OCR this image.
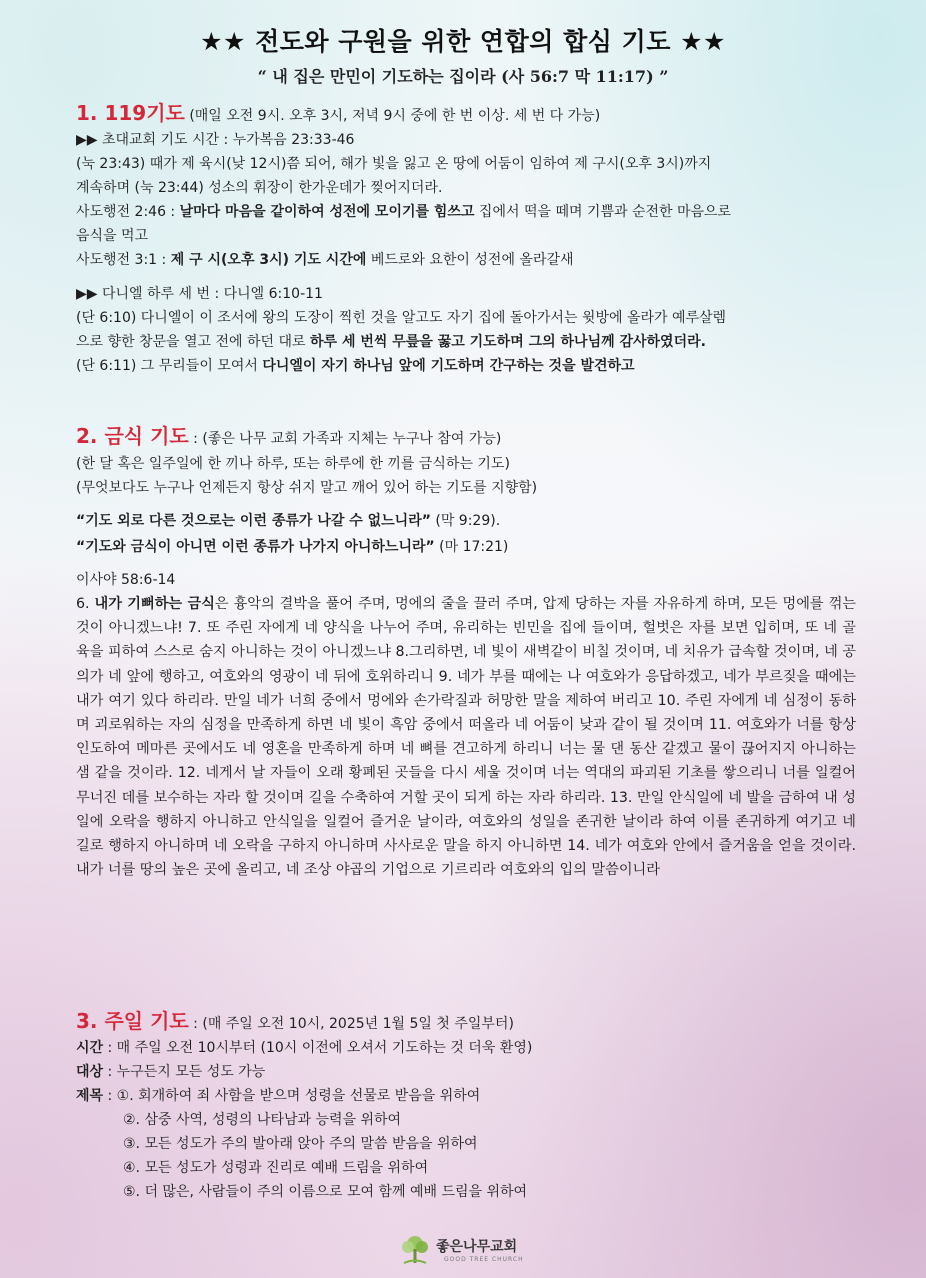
★★ 전도와 구원을 위한 연합의 합심 기도 ★★
“ 내 집은 만민이 기도하는 집이라 (사 56:7 막 11:17) ”
1. 119기도 (매일 오전 9시. 오후 3시, 저녁 9시 중에 한 번 이상. 세 번 다 가능)
▶▶ 초대교회 기도 시간 : 누가복음 23:33-46
(눅 23:43) 때가 제 육시(낮 12시)쯤 되어, 해가 빛을 잃고 온 땅에 어둠이 임하여 제 구시(오후 3시)까지
계속하며 (눅 23:44) 성소의 휘장이 한가운데가 찢어지더라.
사도행전 2:46 : 날마다 마음을 같이하여 성전에 모이기를 힘쓰고 집에서 떡을 떼며 기쁨과 순전한 마음으로
음식을 먹고
사도행전 3:1 : 제 구 시(오후 3시) 기도 시간에 베드로와 요한이 성전에 올라갈새
▶▶ 다니엘 하루 세 번 : 다니엘 6:10-11
(단 6:10) 다니엘이 이 조서에 왕의 도장이 찍힌 것을 알고도 자기 집에 돌아가서는 윗방에 올라가 예루살렘
으로 향한 창문을 열고 전에 하던 대로 하루 세 번씩 무릎을 꿇고 기도하며 그의 하나님께 감사하였더라.
(단 6:11) 그 무리들이 모여서 다니엘이 자기 하나님 앞에 기도하며 간구하는 것을 발견하고
2. 금식 기도 : (좋은 나무 교회 가족과 지체는 누구나 참여 가능)
(한 달 혹은 일주일에 한 끼나 하루, 또는 하루에 한 끼를 금식하는 기도)
(무엇보다도 누구나 언제든지 항상 쉬지 말고 깨어 있어 하는 기도를 지향함)
“기도 외로 다른 것으로는 이런 종류가 나갈 수 없느니라” (막 9:29).
“기도와 금식이 아니면 이런 종류가 나가지 아니하느니라” (마 17:21)
이사야 58:6-14
6. 내가 기뻐하는 금식은 흉악의 결박을 풀어 주며, 멍에의 줄을 끌러 주며, 압제 당하는 자를 자유하게 하며, 모든 멍에를 꺾는 것이 아니겠느냐! 7. 또 주린 자에게 네 양식을 나누어 주며, 유리하는 빈민을 집에 들이며, 헐벗은 자를 보면 입히며, 또 네 골육을 피하여 스스로 숨지 아니하는 것이 아니겠느냐 8.그리하면, 네 빛이 새벽같이 비칠 것이며, 네 치유가 급속할 것이며, 네 공의가 네 앞에 행하고, 여호와의 영광이 네 뒤에 호위하리니 9. 네가 부를 때에는 나 여호와가 응답하겠고, 네가 부르짖을 때에는 내가 여기 있다 하리라. 만일 네가 너희 중에서 멍에와 손가락질과 허망한 말을 제하여 버리고 10. 주린 자에게 네 심정이 동하며 괴로워하는 자의 심정을 만족하게 하면 네 빛이 흑암 중에서 떠올라 네 어둠이 낮과 같이 될 것이며 11. 여호와가 너를 항상 인도하여 메마른 곳에서도 네 영혼을 만족하게 하며 네 뼈를 견고하게 하리니 너는 물 댄 동산 같겠고 물이 끊어지지 아니하는 샘 같을 것이라. 12. 네게서 날 자들이 오래 황폐된 곳들을 다시 세울 것이며 너는 역대의 파괴된 기초를 쌓으리니 너를 일컬어 무너진 데를 보수하는 자라 할 것이며 길을 수축하여 거할 곳이 되게 하는 자라 하리라. 13. 만일 안식일에 네 발을 금하여 내 성일에 오락을 행하지 아니하고 안식일을 일컬어 즐거운 날이라, 여호와의 성일을 존귀한 날이라 하여 이를 존귀하게 여기고 네 길로 행하지 아니하며 네 오락을 구하지 아니하며 사사로운 말을 하지 아니하면 14. 네가 여호와 안에서 즐거움을 얻을 것이라. 내가 너를 땅의 높은 곳에 올리고, 네 조상 야곱의 기업으로 기르리라 여호와의 입의 말씀이니라
3. 주일 기도 : (매 주일 오전 10시, 2025년 1월 5일 첫 주일부터)
시간 : 매 주일 오전 10시부터 (10시 이전에 오셔서 기도하는 것 더욱 환영)
대상 : 누구든지 모든 성도 가능
제목 : ①. 회개하여 죄 사함을 받으며 성령을 선물로 받음을 위하여
②. 삼중 사역, 성령의 나타남과 능력을 위하여
③. 모든 성도가 주의 발아래 앉아 주의 말씀 받음을 위하여
④. 모든 성도가 성령과 진리로 예배 드림을 위하여
⑤. 더 많은, 사람들이 주의 이름으로 모여 함께 예배 드림을 위하여
좋은나무교회
GOOD TREE CHURCH
